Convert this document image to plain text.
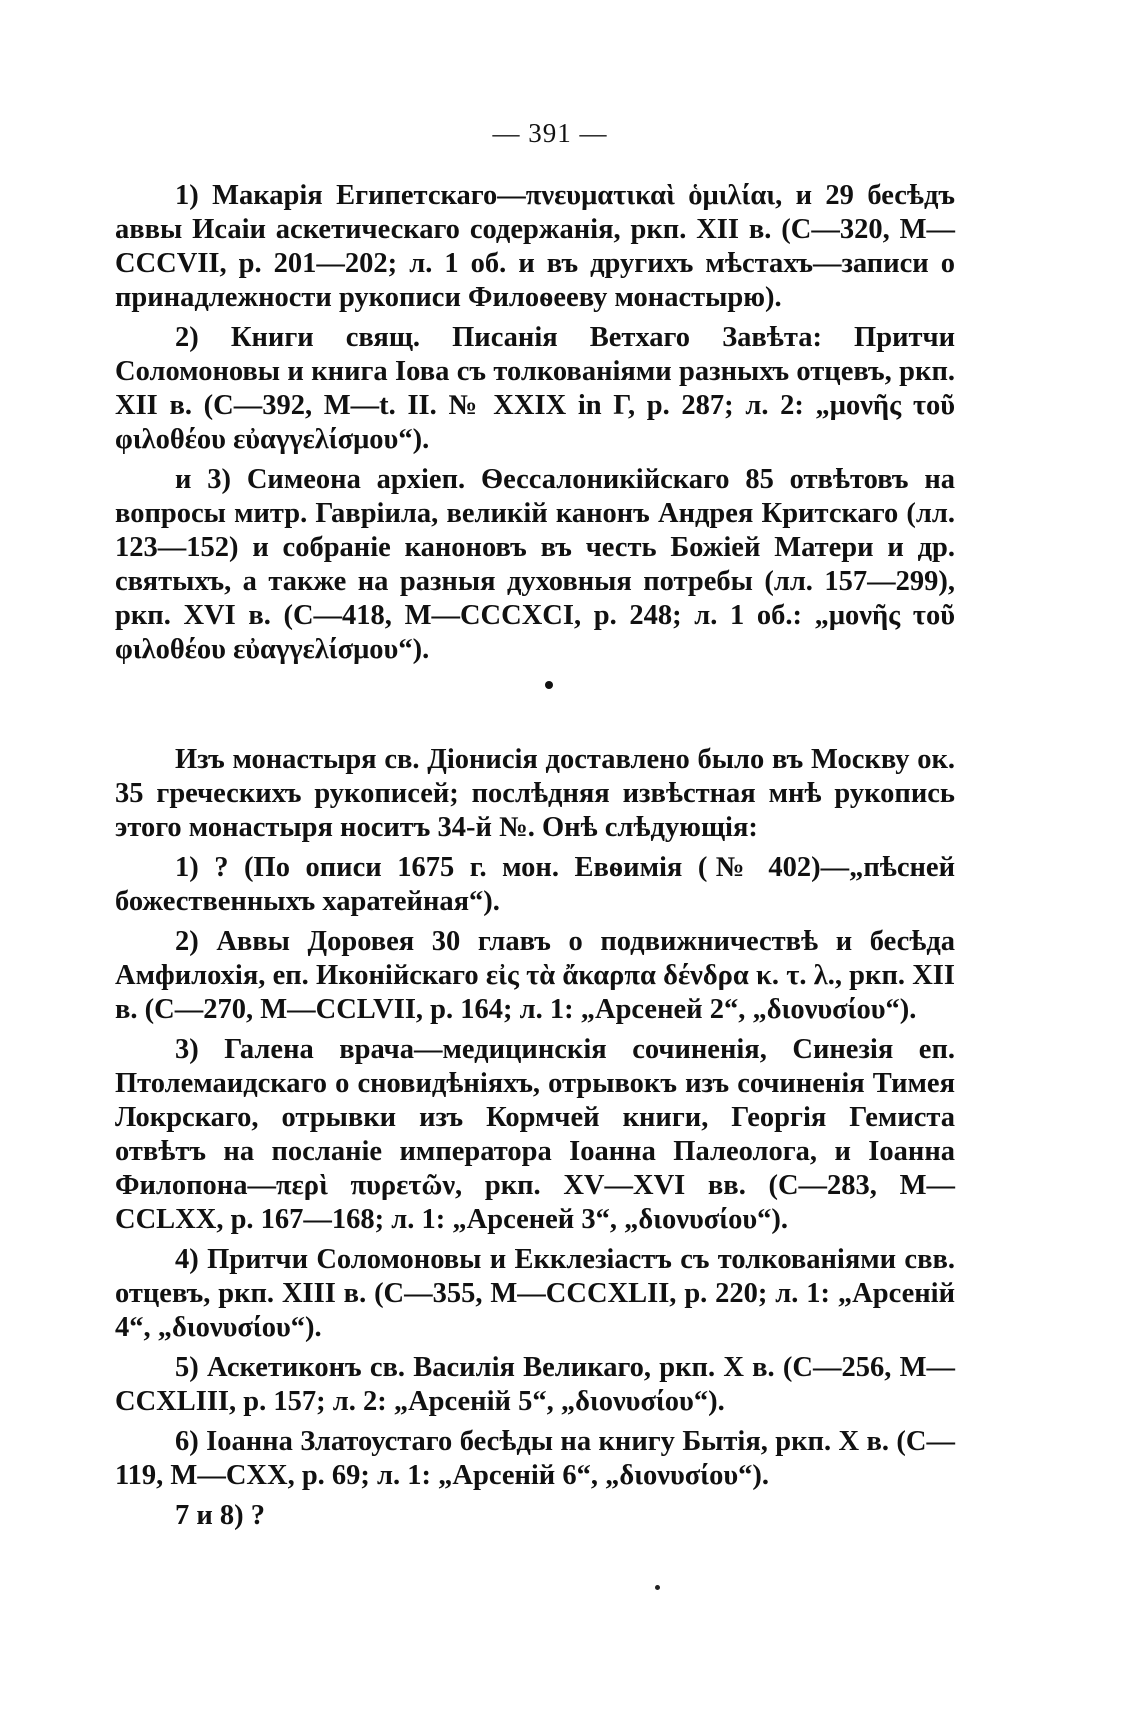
— 391 —

1) Макарія Египетскаго—πνευματικαὶ ὁμιλίαι, и 29 бесѣдъ аввы Исаіи аскетическаго содержанія, ркп. XII в. (С—320, М—CCCVII, p. 201—202; л. 1 об. и въ другихъ мѣстахъ—записи о принадлежности рукописи Филоѳееву монастырю).

2) Книги свящ. Писанія Ветхаго Завѣта: Притчи Соломоновы и книга Іова съ толкованіями разныхъ отцевъ, ркп. XII в. (С—392, М—t. II. № XXIX in Γ, p. 287; л. 2: „μονῆς τοῦ φιλοθέου εὐαγγελίσμου“).

и 3) Симеона архіеп. Ѳессалоникійскаго 85 отвѣтовъ на вопросы митр. Гавріила, великій канонъ Андрея Критскаго (лл. 123—152) и собраніе каноновъ въ честь Божіей Матери и др. святыхъ, а также на разныя духовныя потребы (лл. 157—299), ркп. XVI в. (С—418, М—CCCXCI, p. 248; л. 1 об.: „μονῆς τοῦ φιλοθέου εὐαγγελίσμου“).

Изъ монастыря св. Діонисія доставлено было въ Москву ок. 35 греческихъ рукописей; послѣдняя извѣстная мнѣ рукопись этого монастыря носитъ 34-й №. Онѣ слѣдующія:

1) ? (По описи 1675 г. мон. Евѳимія (№ 402)—„пѣсней божественныхъ харатейная“).

2) Аввы Доровея 30 главъ о подвижничествѣ и бесѣда Амфилохія, еп. Иконійскаго εἰς τὰ ἄκαρπα δένδρα κ. τ. λ., ркп. XII в. (С—270, М—CCLVII, p. 164; л. 1: „Арсеней 2“, „διονυσίου“).

3) Галена врача—медицинскія сочиненія, Синезія еп. Птолемаидскаго о сновидѣніяхъ, отрывокъ изъ сочиненія Тимея Локрскаго, отрывки изъ Кормчей книги, Георгія Гемиста отвѣтъ на посланіе императора Іоанна Палеолога, и Іоанна Филопона—περὶ πυρετῶν, ркп. XV—XVI вв. (С—283, М—CCLXX, p. 167—168; л. 1: „Арсеней 3“, „διονυσίου“).

4) Притчи Соломоновы и Екклезіастъ съ толкованіями свв. отцевъ, ркп. XIII в. (С—355, М—CCCXLII, p. 220; л. 1: „Арсеній 4“, „διονυσίου“).

5) Аскетиконъ св. Василія Великаго, ркп. X в. (С—256, М—CCXLIII, p. 157; л. 2: „Арсеній 5“, „διονυσίου“).

6) Іоанна Златоустаго бесѣды на книгу Бытія, ркп. X в. (С—119, М—CXX, p. 69; л. 1: „Арсеній 6“, „διονυσίου“).

7 и 8) ?
